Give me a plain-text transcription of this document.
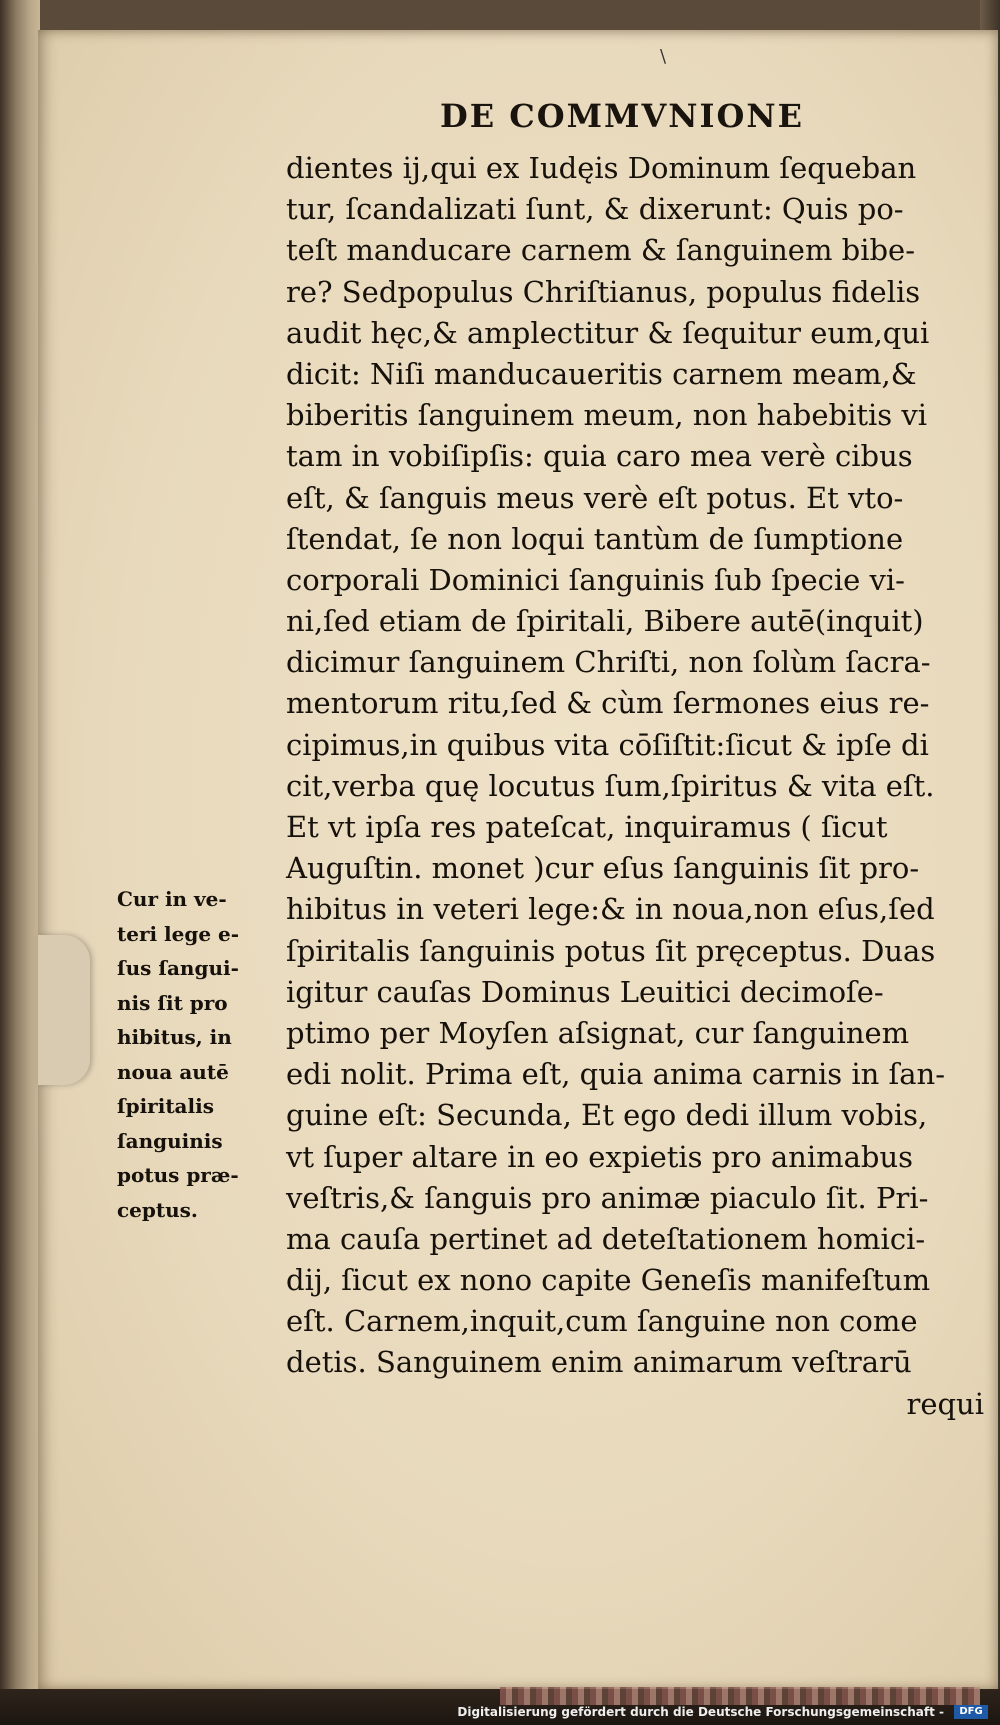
\
DE COMMVNIONE
dientes ij,qui ex Iudęis Dominum ſequeban
tur, ſcandalizati ſunt, & dixerunt: Quis po-
teſt manducare carnem & ſanguinem bibe-
re? Sedpopulus Chriſtianus, populus fidelis
audit hęc,& amplectitur & ſequitur eum,qui
dicit: Niſi manducaueritis carnem meam,&
biberitis ſanguinem meum, non habebitis vi
tam in vobiſipſis: quia caro mea verè cibus
eſt, & ſanguis meus verè eſt potus. Et vto-
ſtendat, ſe non loqui tantùm de ſumptione
corporali Dominici ſanguinis ſub ſpecie vi-
ni,ſed etiam de ſpiritali, Bibere autē(inquit)
dicimur ſanguinem Chriſti, non ſolùm ſacra-
mentorum ritu,ſed & cùm ſermones eius re-
cipimus,in quibus vita cōſiſtit:ſicut & ipſe di
cit,verba quę locutus ſum,ſpiritus & vita eſt.
Et vt ipſa res pateſcat, inquiramus ( ſicut
Auguſtin. monet )cur eſus ſanguinis ſit pro-
hibitus in veteri lege:& in noua,non eſus,ſed
ſpiritalis ſanguinis potus ſit pręceptus. Duas
igitur cauſas Dominus Leuitici decimoſe-
ptimo per Moyſen aſsignat, cur ſanguinem
edi nolit. Prima eſt, quia anima carnis in ſan-
guine eſt: Secunda, Et ego dedi illum vobis,
vt ſuper altare in eo expietis pro animabus
veſtris,& ſanguis pro animæ piaculo ſit. Pri-
ma cauſa pertinet ad deteſtationem homici-
dij, ſicut ex nono capite Geneſis manifeſtum
eſt. Carnem,inquit,cum ſanguine non come
detis. Sanguinem enim animarum veſtrarū
requi
Cur in ve-
teri lege e-
ſus ſangui-
nis ſit pro
hibitus, in
noua autē
ſpiritalis
ſanguinis
potus præ-
ceptus.
Digitalisierung gefördert durch die Deutsche Forschungsgemeinschaft -	DFG
